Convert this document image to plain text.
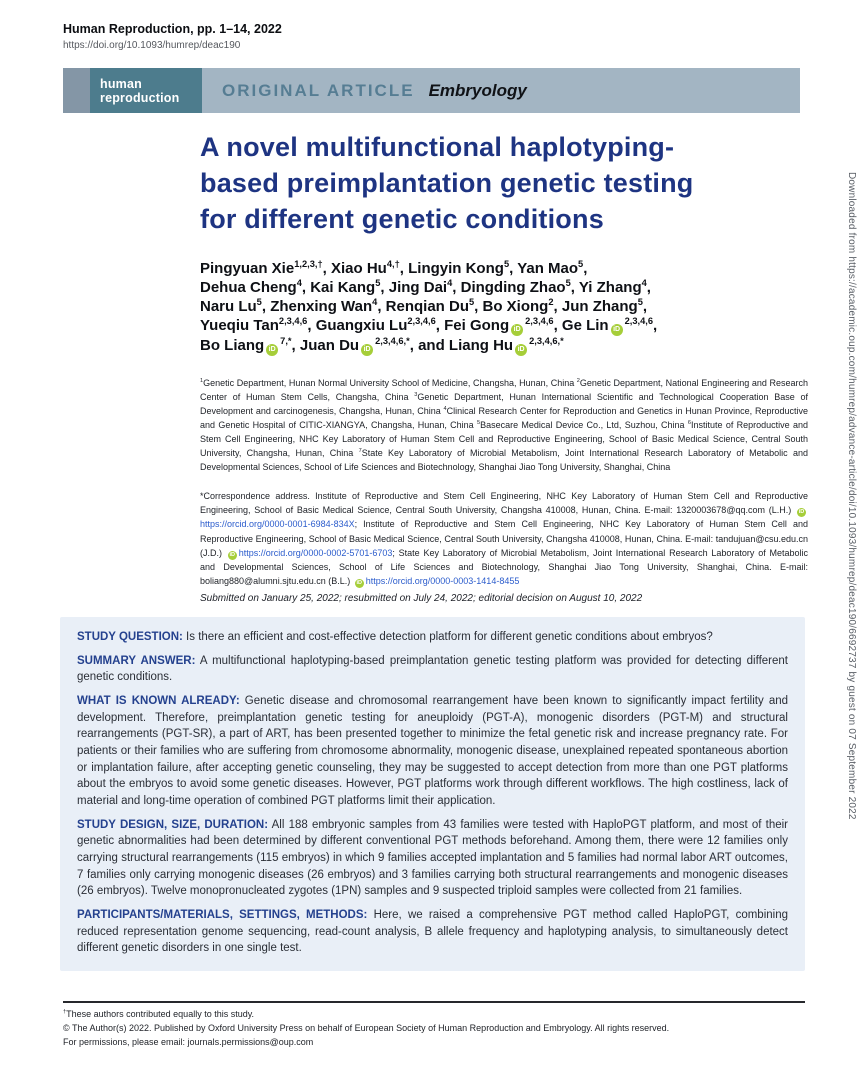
Human Reproduction, pp. 1–14, 2022
https://doi.org/10.1093/humrep/deac190
human
reproduction	ORIGINAL ARTICLE Embryology
A novel multifunctional haplotyping-
based preimplantation genetic testing
for different genetic conditions
Pingyuan Xie$^{1,2,3,\dagger}$, Xiao $Hu^{4,\dagger}$, Lingyin Kong$^5$, Yan Mao$^5$,
Dehua Cheng$^4$, Kai Kang$^5$, Jing Dai$^4$, Dingding Zhao$^5$, Yi Zhang$^4$,
Naru Lu$^5$, Zhenxing Wan$^4$, Renqian Du$^5$, Bo Xiong$^2$, Jun Zhang$^5$,
Yueqiu Tan$^{2,3,4,6}$, Guangxiu Lu$^{2,3,4,6}$, Fei Gong iD$^{2,3,4,6}$, Ge Lin iD$^{2,3,4,6}$,
Bo Liang $iD^{7,*}$, Juan Du $iD^{2,3,4,6,*}$, and Liang Hu $iD^{2,3,4,6,*}$
$^1$Genetic Department, Hunan Normal University School of Medicine, Changsha, Hunan, China $^2$Genetic Department, National Engineering and Research Center of Human Stem Cells, Changsha, China $^3$Genetic Department, Hunan International Scientific and Technological Cooperation Base of Development and carcinogenesis, Changsha, Hunan, China $^4$Clinical Research Center for Reproduction and Genetics in Hunan Province, Reproductive and Genetic Hospital of CITIC-XIANGYA, Changsha, Hunan, China $^5$Basecare Medical Device Co., Ltd, Suzhou, China $^6$Institute of Reproductive and Stem Cell Engineering, NHC Key Laboratory of Human Stem Cell and Reproductive Engineering, School of Basic Medical Science, Central South University, Changsha, Hunan, China $^7$State Key Laboratory of Microbial Metabolism, Joint International Research Laboratory of Metabolic and Developmental Sciences, School of Life Sciences and Biotechnology, Shanghai Jiao Tong University, Shanghai, China
*Correspondence address. Institute of Reproductive and Stem Cell Engineering, NHC Key Laboratory of Human Stem Cell and Reproductive Engineering, School of Basic Medical Science, Central South University, Changsha 410008, Hunan, China. E-mail: 1320003678@qq.com (L.H.) iDhttps://orcid.org/0000-0001-6984-834X; Institute of Reproductive and Stem Cell Engineering, NHC Key Laboratory of Human Stem Cell and Reproductive Engineering, School of Basic Medical Science, Central South University, Changsha 410008, Hunan, China. E-mail: tandujuan@csu.edu.cn (J.D.) iD https://orcid.org/0000-0002-5701-6703; State Key Laboratory of Microbial Metabolism, Joint International Research Laboratory of Metabolic and Developmental Sciences, School of Life Sciences and Biotechnology, Shanghai Jiao Tong University, Shanghai, China. E-mail: boliang880@alumni.sjtu.edu.cn (B.L.) iD https://orcid.org/0000-0003-1414-8455
Submitted on January 25, 2022; resubmitted on July 24, 2022; editorial decision on August 10, 2022

STUDY QUESTION: Is there an efficient and cost-effective detection platform for different genetic conditions about embryos?

SUMMARY ANSWER: A multifunctional haplotyping-based preimplantation genetic testing platform was provided for detecting different genetic conditions.

WHAT IS KNOWN ALREADY: Genetic disease and chromosomal rearrangement have been known to significantly impact fertility and development. Therefore, preimplantation genetic testing for aneuploidy (PGT-A), monogenic disorders (PGT-M) and structural rearrangements (PGT-SR), a part of ART, has been presented together to minimize the fetal genetic risk and increase pregnancy rate. For patients or their families who are suffering from chromosome abnormality, monogenic disease, unexplained repeated spontaneous abortion or implantation failure, after accepting genetic counseling, they may be suggested to accept detection from more than one PGT platforms about the embryos to avoid some genetic diseases. However, PGT platforms work through different workflows. The high costliness, lack of material and long-time operation of combined PGT platforms limit their application.

STUDY DESIGN, SIZE, DURATION: All 188 embryonic samples from 43 families were tested with HaploPGT platform, and most of their genetic abnormalities had been determined by different conventional PGT methods beforehand. Among them, there were 12 families only carrying structural rearrangements (115 embryos) in which 9 families accepted implantation and 5 families had normal labor ART outcomes, 7 families only carrying monogenic diseases (26 embryos) and 3 families carrying both structural rearrangements and monogenic diseases (26 embryos). Twelve monopronucleated zygotes (1PN) samples and 9 suspected triploid samples were collected from 21 families.

PARTICIPANTS/MATERIALS, SETTINGS, METHODS: Here, we raised a comprehensive PGT method called HaploPGT, combining reduced representation genome sequencing, read-count analysis, B allele frequency and haplotyping analysis, to simultaneously detect different genetic disorders in one single test.

†These authors contributed equally to this study.
© The Author(s) 2022. Published by Oxford University Press on behalf of European Society of Human Reproduction and Embryology. All rights reserved.
For permissions, please email: journals.permissions@oup.com
Downloaded from https://academic.oup.com/humrep/advance-article/doi/10.1093/humrep/deac190/6692737 by guest on 07 September 2022
